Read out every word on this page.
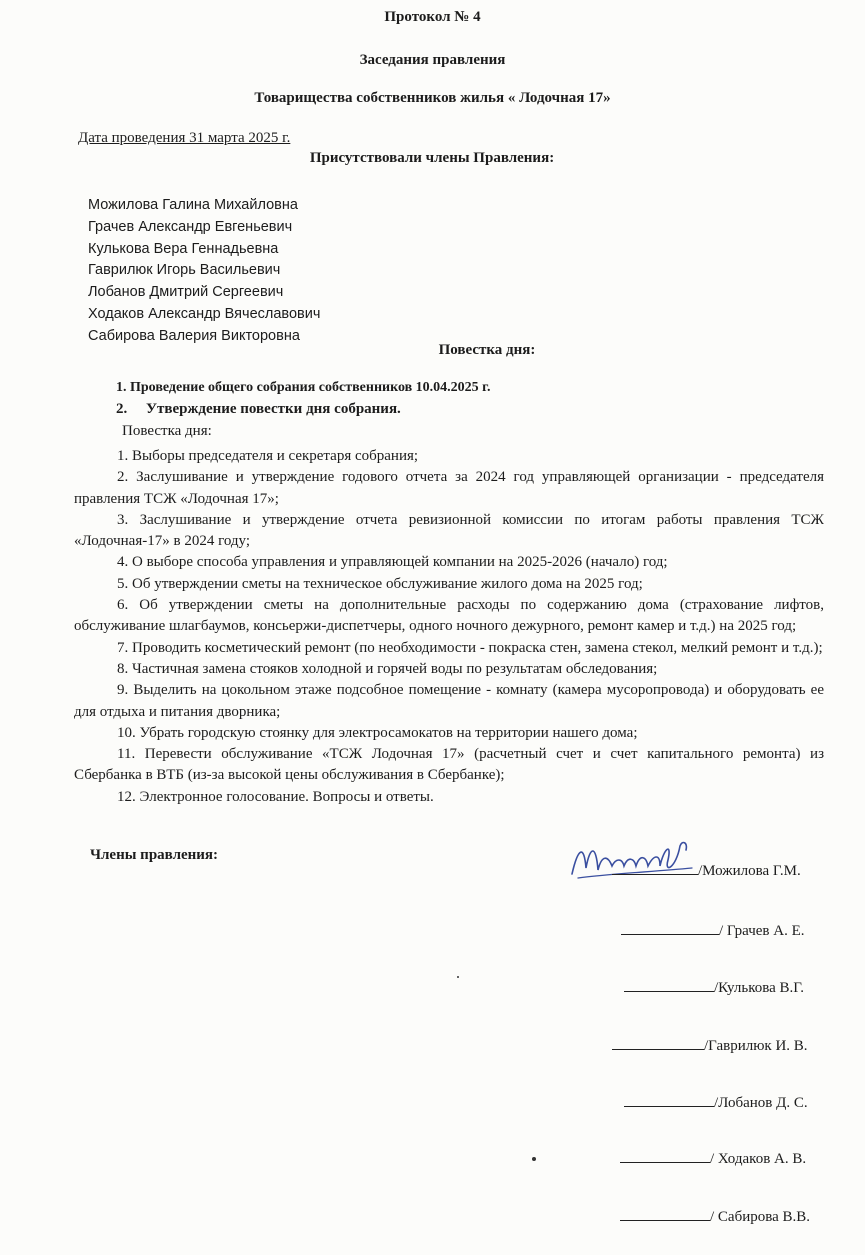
Протокол № 4
Заседания правления
Товарищества собственников жилья « Лодочная 17»
Дата проведения 31 марта 2025 г.
Присутствовали члены Правления:
Можилова Галина Михайловна
Грачев Александр Евгеньевич
Кулькова Вера Геннадьевна
Гаврилюк Игорь Васильевич
Лобанов Дмитрий Сергеевич
Ходаков Александр Вячеславович
Сабирова Валерия Викторовна
Повестка дня:
1. Проведение общего собрания собственников 10.04.2025 г.
2. Утверждение повестки дня собрания.
Повестка дня:
1. Выборы председателя и секретаря собрания;
2. Заслушивание и утверждение годового отчета за 2024 год управляющей организации - председателя правления ТСЖ «Лодочная 17»;
3. Заслушивание и утверждение отчета ревизионной комиссии по итогам работы правления ТСЖ «Лодочная-17» в 2024 году;
4. О выборе способа управления и управляющей компании на 2025-2026 (начало) год;
5. Об утверждении сметы на техническое обслуживание жилого дома на 2025 год;
6. Об утверждении сметы на дополнительные расходы по содержанию дома (страхование лифтов, обслуживание шлагбаумов, консьержи-диспетчеры, одного ночного дежурного, ремонт камер и т.д.) на 2025 год;
7. Проводить косметический ремонт (по необходимости - покраска стен, замена стекол, мелкий ремонт и т.д.);
8. Частичная замена стояков холодной и горячей воды по результатам обследования;
9. Выделить на цокольном этаже подсобное помещение - комнату (камера мусоропровода) и оборудовать ее для отдыха и питания дворника;
10. Убрать городскую стоянку для электросамокатов на территории нашего дома;
11. Перевести обслуживание «ТСЖ Лодочная 17» (расчетный счет и счет капитального ремонта) из Сбербанка в ВТБ (из-за высокой цены обслуживания в Сбербанке);
12. Электронное голосование. Вопросы и ответы.
Члены правления:
/Можилова Г.М.
/ Грачев А. Е.
/Кулькова В.Г.
/Гаврилюк И. В.
/Лобанов Д. С.
/ Ходаков А. В.
/ Сабирова В.В.
